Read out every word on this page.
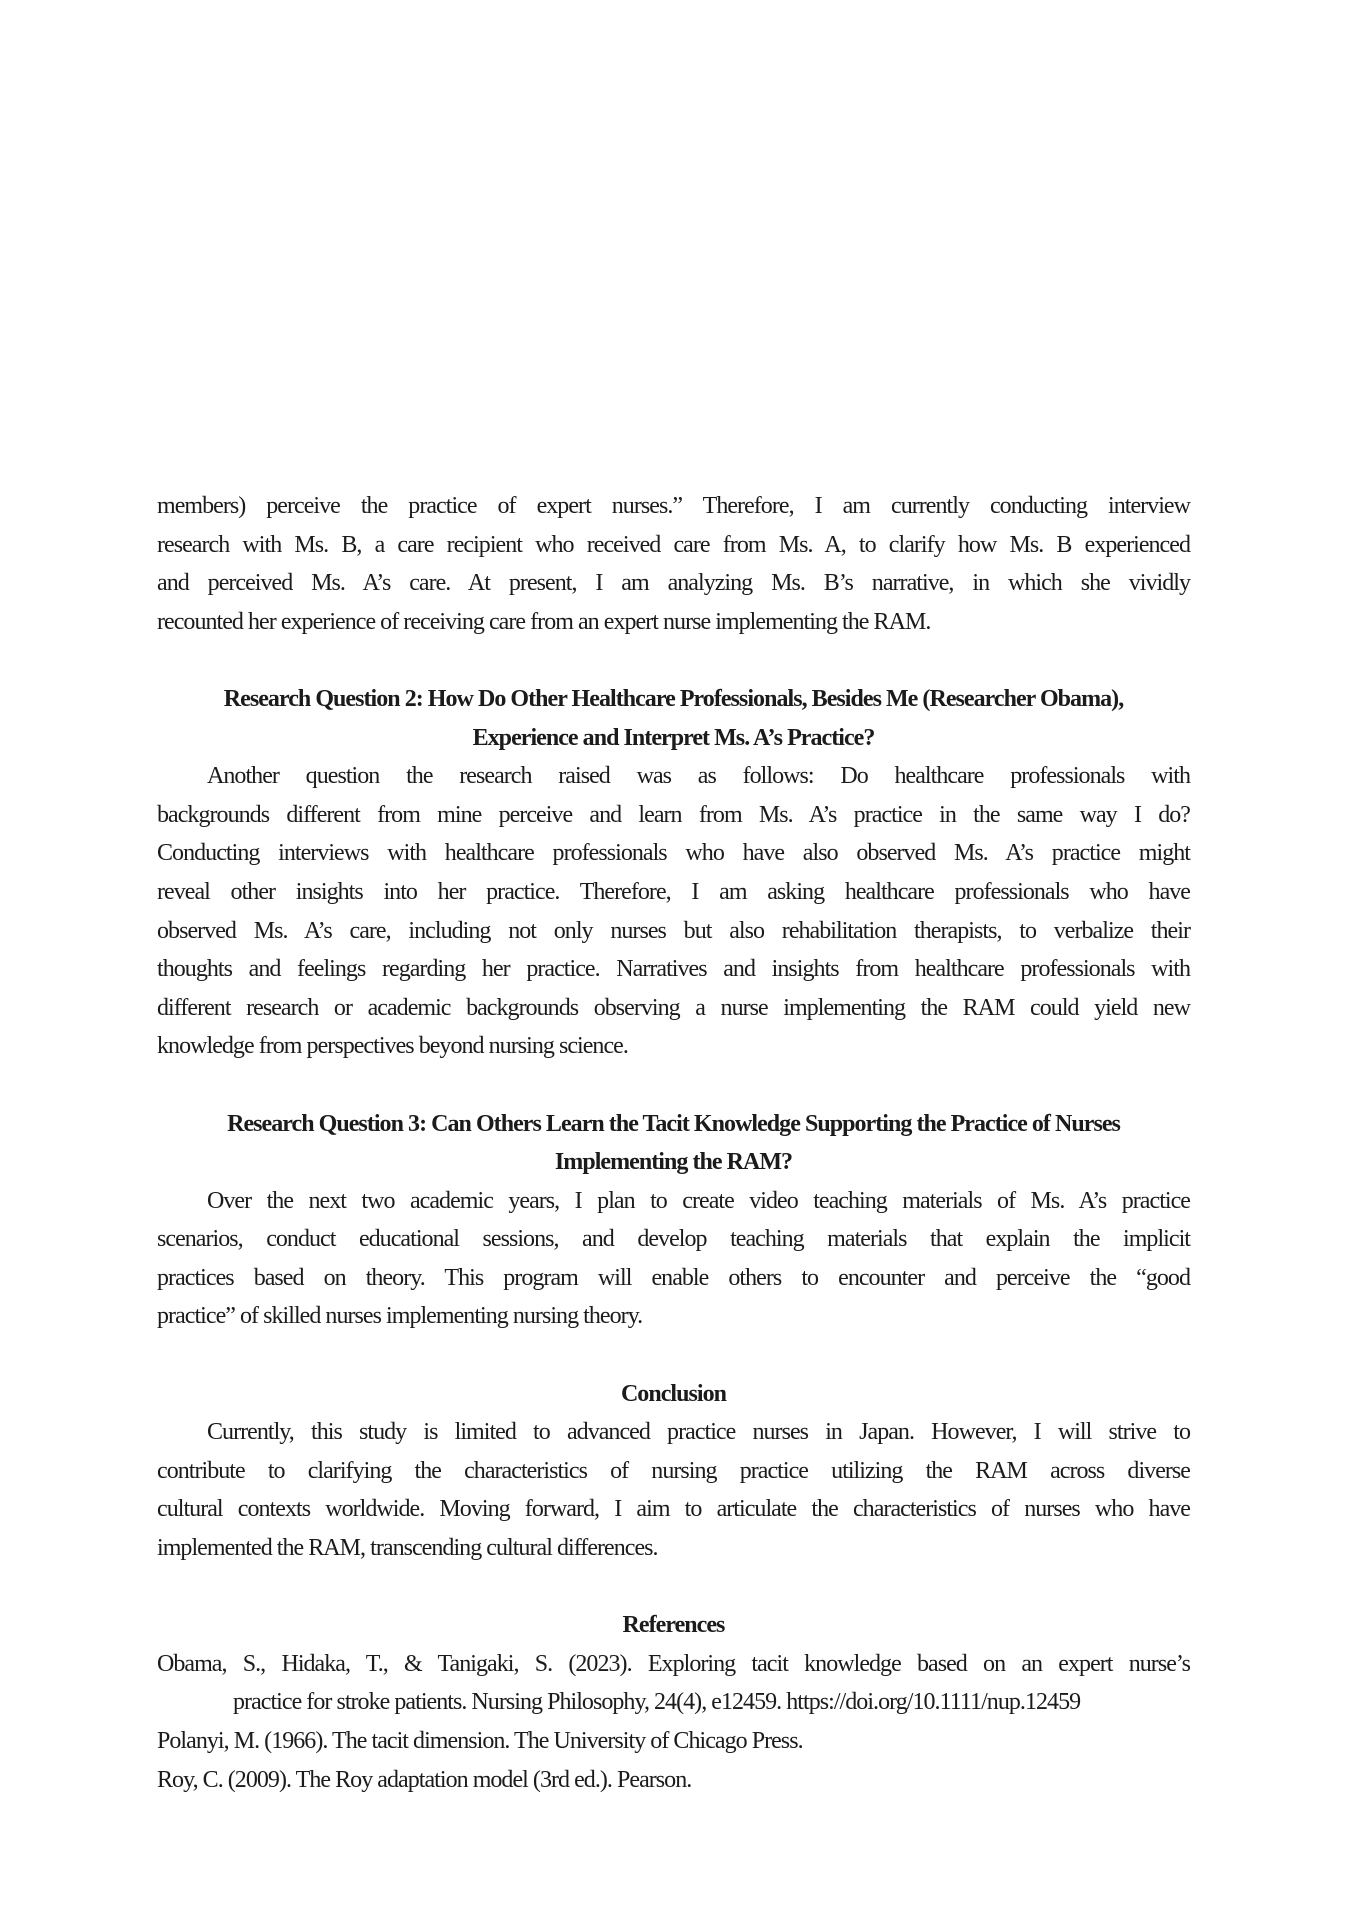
members) perceive the practice of expert nurses.” Therefore, I am currently conducting interview
research with Ms. B, a care recipient who received care from Ms. A, to clarify how Ms. B experienced
and perceived Ms. A’s care. At present, I am analyzing Ms. B’s narrative, in which she vividly
recounted her experience of receiving care from an expert nurse implementing the RAM.
Research Question 2: How Do Other Healthcare Professionals, Besides Me (Researcher Obama),
Experience and Interpret Ms. A’s Practice?
Another question the research raised was as follows: Do healthcare professionals with
backgrounds different from mine perceive and learn from Ms. A’s practice in the same way I do?
Conducting interviews with healthcare professionals who have also observed Ms. A’s practice might
reveal other insights into her practice. Therefore, I am asking healthcare professionals who have
observed Ms. A’s care, including not only nurses but also rehabilitation therapists, to verbalize their
thoughts and feelings regarding her practice. Narratives and insights from healthcare professionals with
different research or academic backgrounds observing a nurse implementing the RAM could yield new
knowledge from perspectives beyond nursing science.
Research Question 3: Can Others Learn the Tacit Knowledge Supporting the Practice of Nurses
Implementing the RAM?
Over the next two academic years, I plan to create video teaching materials of Ms. A’s practice
scenarios, conduct educational sessions, and develop teaching materials that explain the implicit
practices based on theory. This program will enable others to encounter and perceive the “good
practice” of skilled nurses implementing nursing theory.
Conclusion
Currently, this study is limited to advanced practice nurses in Japan. However, I will strive to
contribute to clarifying the characteristics of nursing practice utilizing the RAM across diverse
cultural contexts worldwide. Moving forward, I aim to articulate the characteristics of nurses who have
implemented the RAM, transcending cultural differences.
References
Obama, S., Hidaka, T., & Tanigaki, S. (2023). Exploring tacit knowledge based on an expert nurse’s
practice for stroke patients. Nursing Philosophy, 24(4), e12459. https://doi.org/10.1111/nup.12459
Polanyi, M. (1966). The tacit dimension. The University of Chicago Press.
Roy, C. (2009). The Roy adaptation model (3rd ed.). Pearson.
